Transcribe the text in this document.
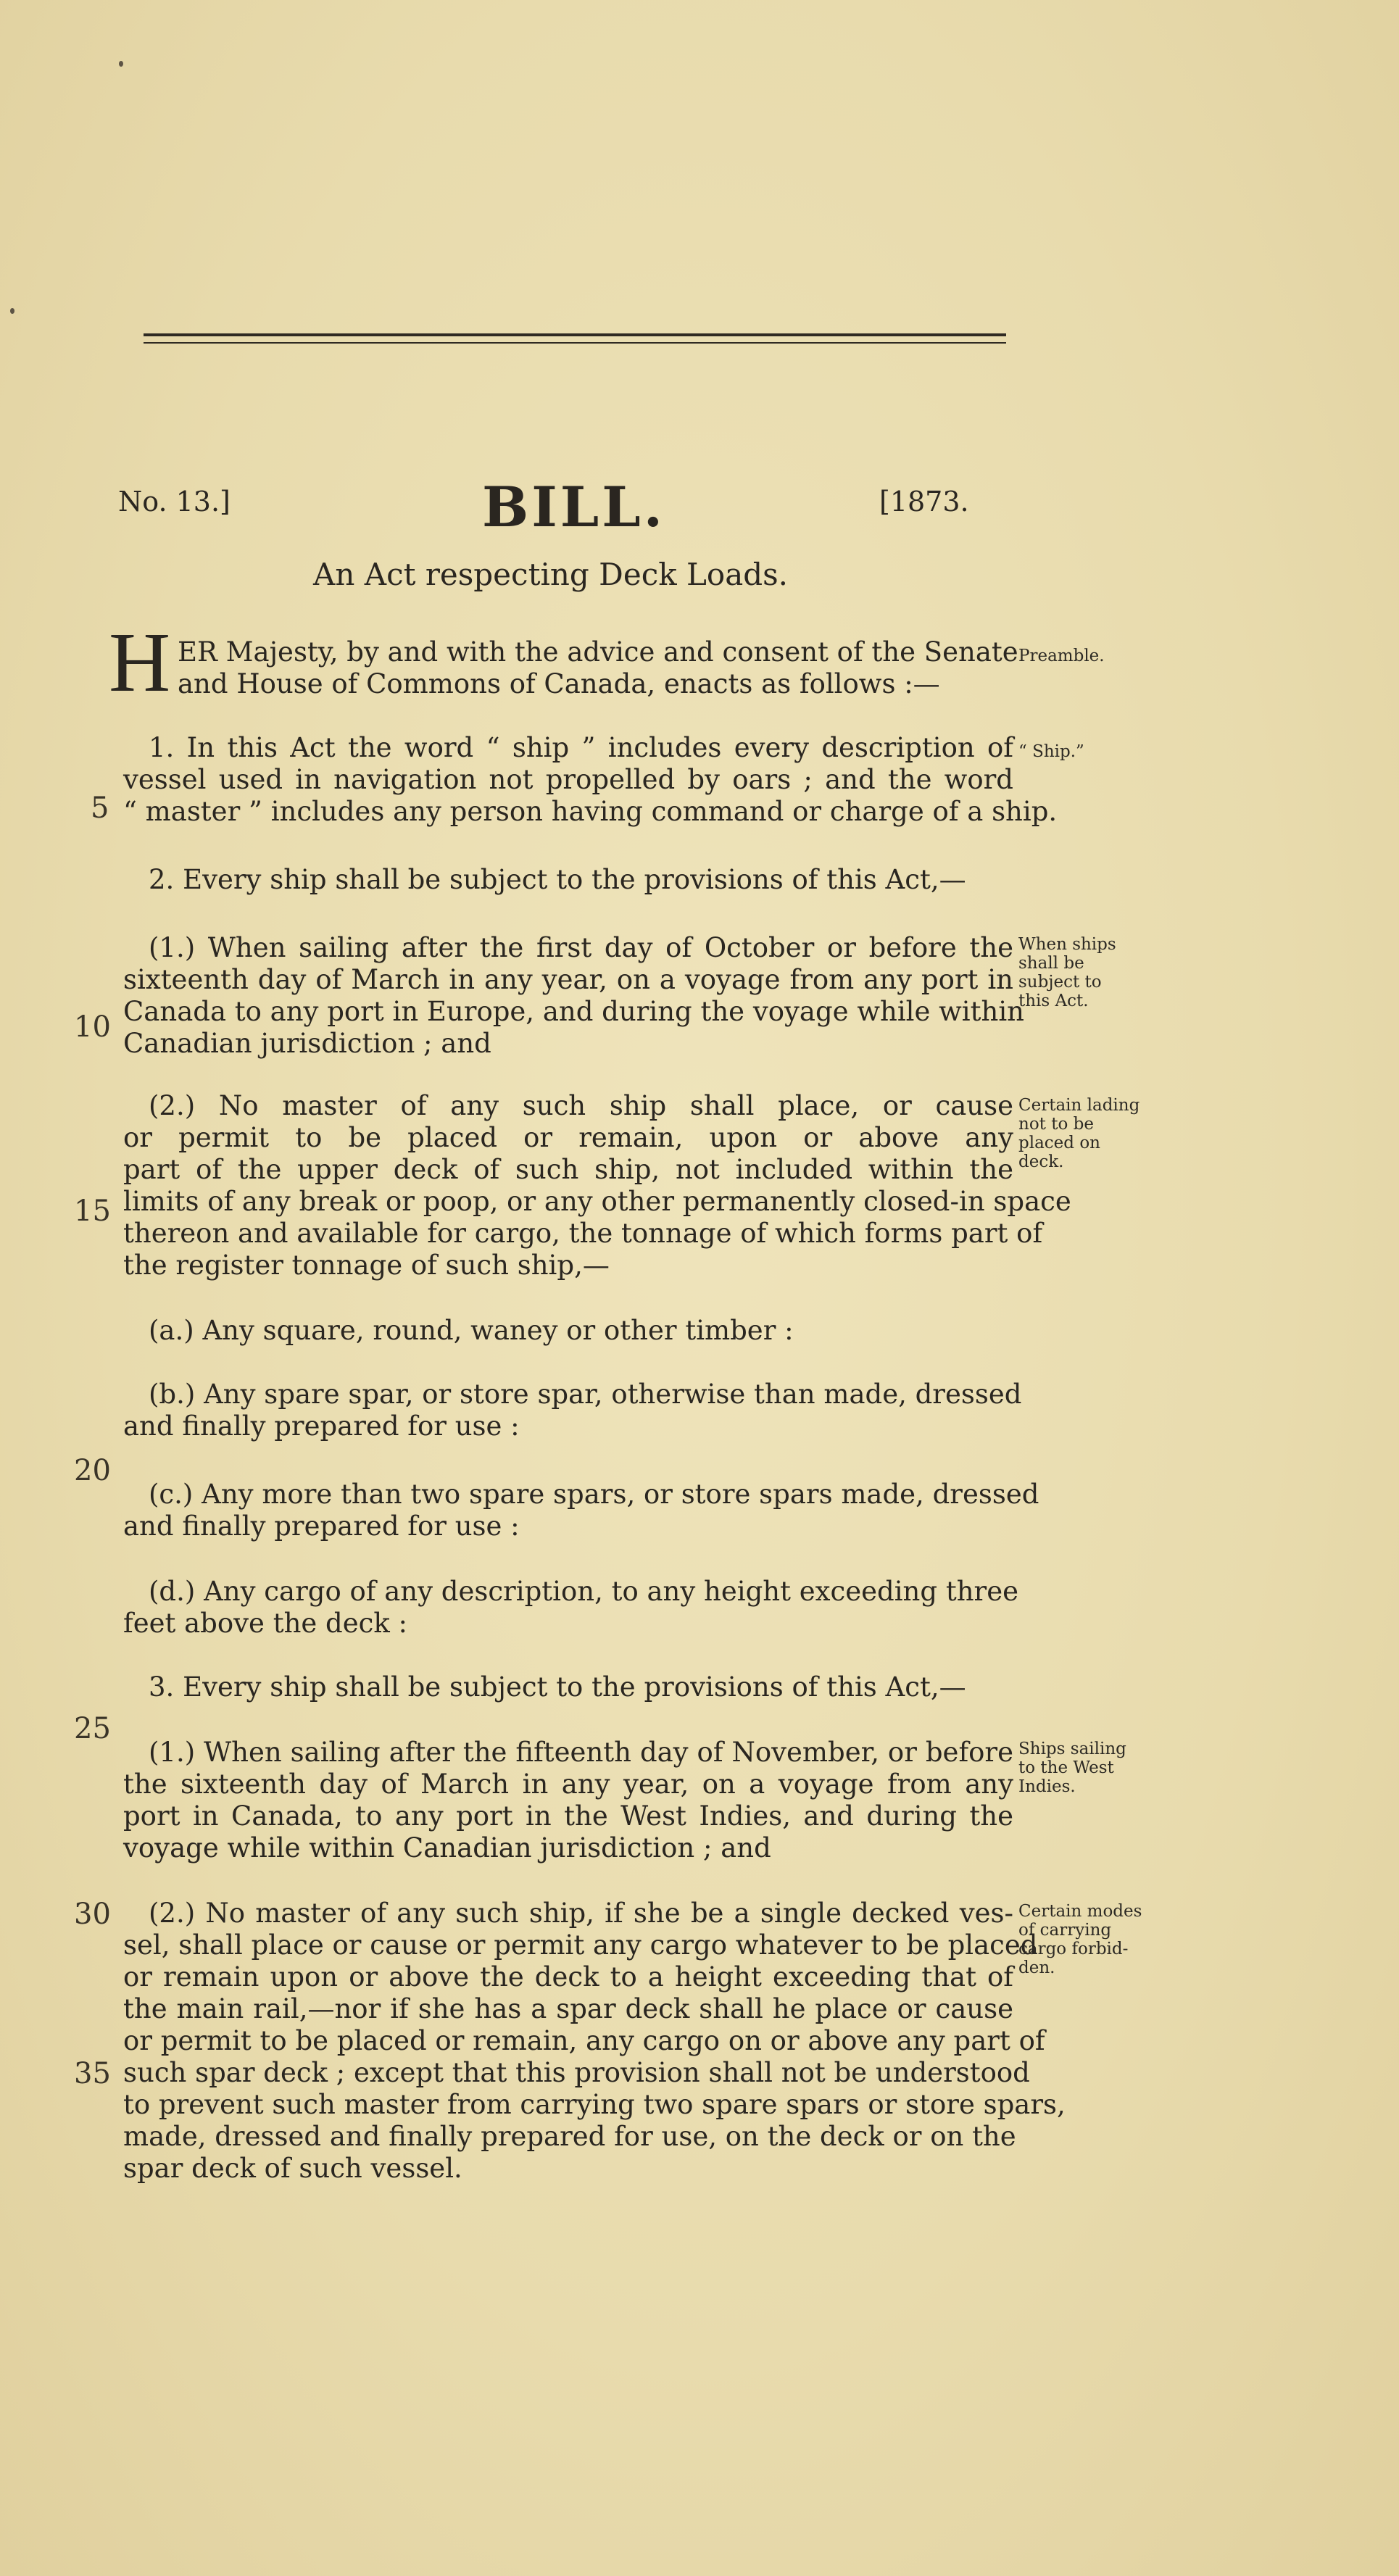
No. 13.]	BILL.	[1873.
An Act respecting Deck Loads.
H ER Majesty, by and with the advice and consent of the Senate
and House of Commons of Canada, enacts as follows :—
Preamble.
1. In this Act the word “ ship ” includes every description of
vessel used in navigation not propelled by oars ; and the word
“ master ” includes any person having command or charge of a ship.
“ Ship.”
5
2. Every ship shall be subject to the provisions of this Act,—
(1.) When sailing after the first day of October or before the
sixteenth day of March in any year, on a voyage from any port in
Canada to any port in Europe, and during the voyage while within
Canadian jurisdiction ; and
When ships
shall be
subject to
this Act.
10
(2.) No master of any such ship shall place, or cause
or permit to be placed or remain, upon or above any
part of the upper deck of such ship, not included within the
limits of any break or poop, or any other permanently closed-in space
thereon and available for cargo, the tonnage of which forms part of
the register tonnage of such ship,—
Certain lading
not to be
placed on
deck.
15
(a.) Any square, round, waney or other timber :
(b.) Any spare spar, or store spar, otherwise than made, dressed
and finally prepared for use :
20
(c.) Any more than two spare spars, or store spars made, dressed
and finally prepared for use :
(d.) Any cargo of any description, to any height exceeding three
feet above the deck :
3. Every ship shall be subject to the provisions of this Act,—
25
(1.) When sailing after the fifteenth day of November, or before
the sixteenth day of March in any year, on a voyage from any
port in Canada, to any port in the West Indies, and during the
voyage while within Canadian jurisdiction ; and
Ships sailing
to the West
Indies.
30 (2.) No master of any such ship, if she be a single decked ves-
sel, shall place or cause or permit any cargo whatever to be placed
or remain upon or above the deck to a height exceeding that of
the main rail,—nor if she has a spar deck shall he place or cause
or permit to be placed or remain, any cargo on or above any part of
such spar deck ; except that this provision shall not be understood
to prevent such master from carrying two spare spars or store spars,
made, dressed and finally prepared for use, on the deck or on the
spar deck of such vessel.
Certain modes
of carrying
cargo forbid-
den.
35
